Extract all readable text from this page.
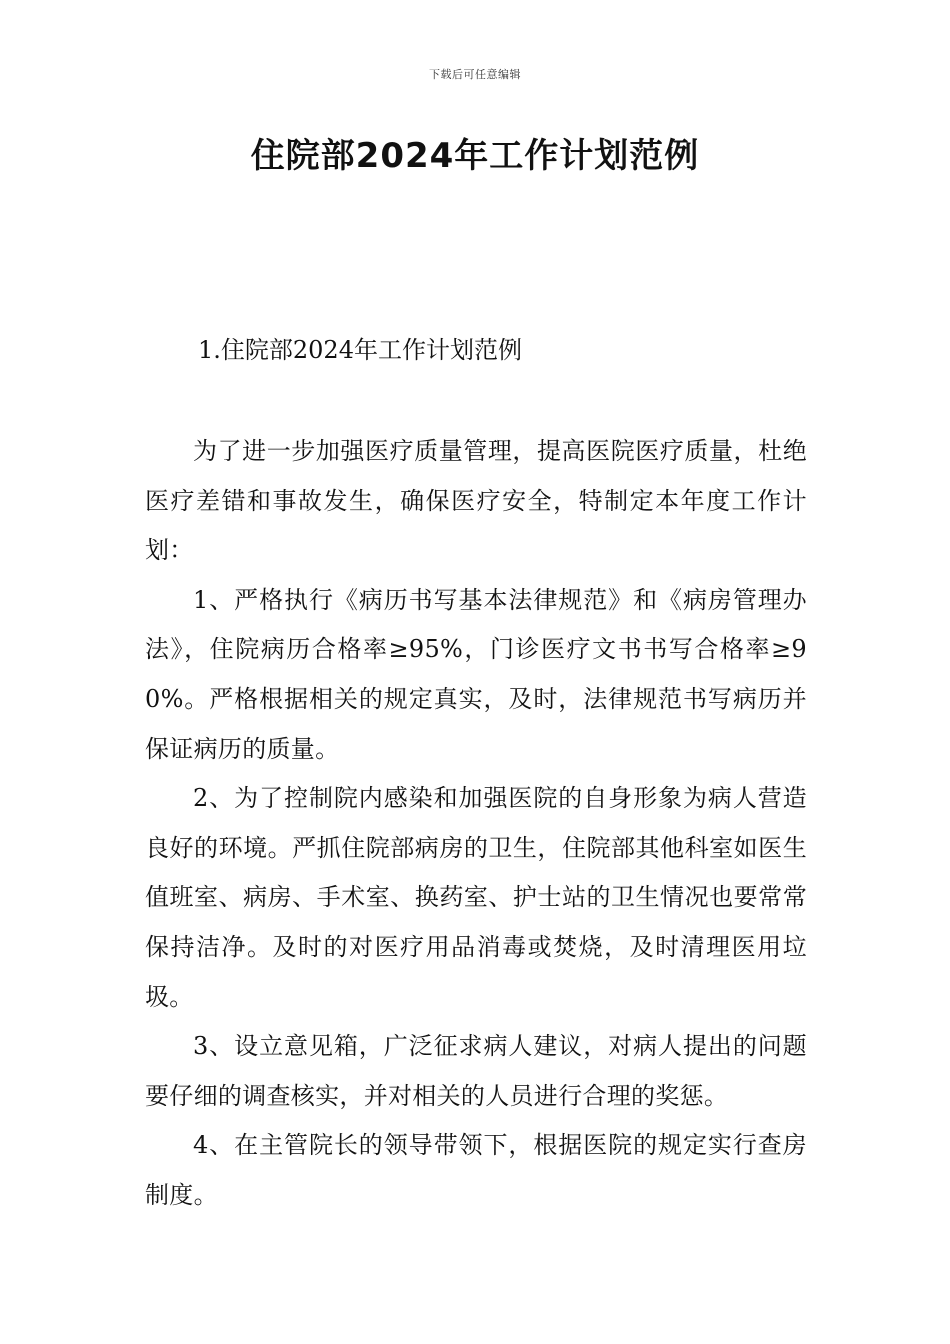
下载后可任意编辑
住院部2024年工作计划范例
1.住院部2024年工作计划范例

为了进一步加强医疗质量管理，提高医院医疗质量，杜绝医疗差错和事故发生，确保医疗安全，特制定本年度工作计划：

1、严格执行《病历书写基本法律规范》和《病房管理办法》，住院病历合格率≥95%，门诊医疗文书书写合格率≥90%。严格根据相关的规定真实，及时，法律规范书写病历并保证病历的质量。

2、为了控制院内感染和加强医院的自身形象为病人营造良好的环境。严抓住院部病房的卫生，住院部其他科室如医生值班室、病房、手术室、换药室、护士站的卫生情况也要常常保持洁净。及时的对医疗用品消毒或焚烧，及时清理医用垃圾。

3、设立意见箱，广泛征求病人建议，对病人提出的问题要仔细的调查核实，并对相关的人员进行合理的奖惩。

4、在主管院长的领导带领下，根据医院的规定实行查房制度。
